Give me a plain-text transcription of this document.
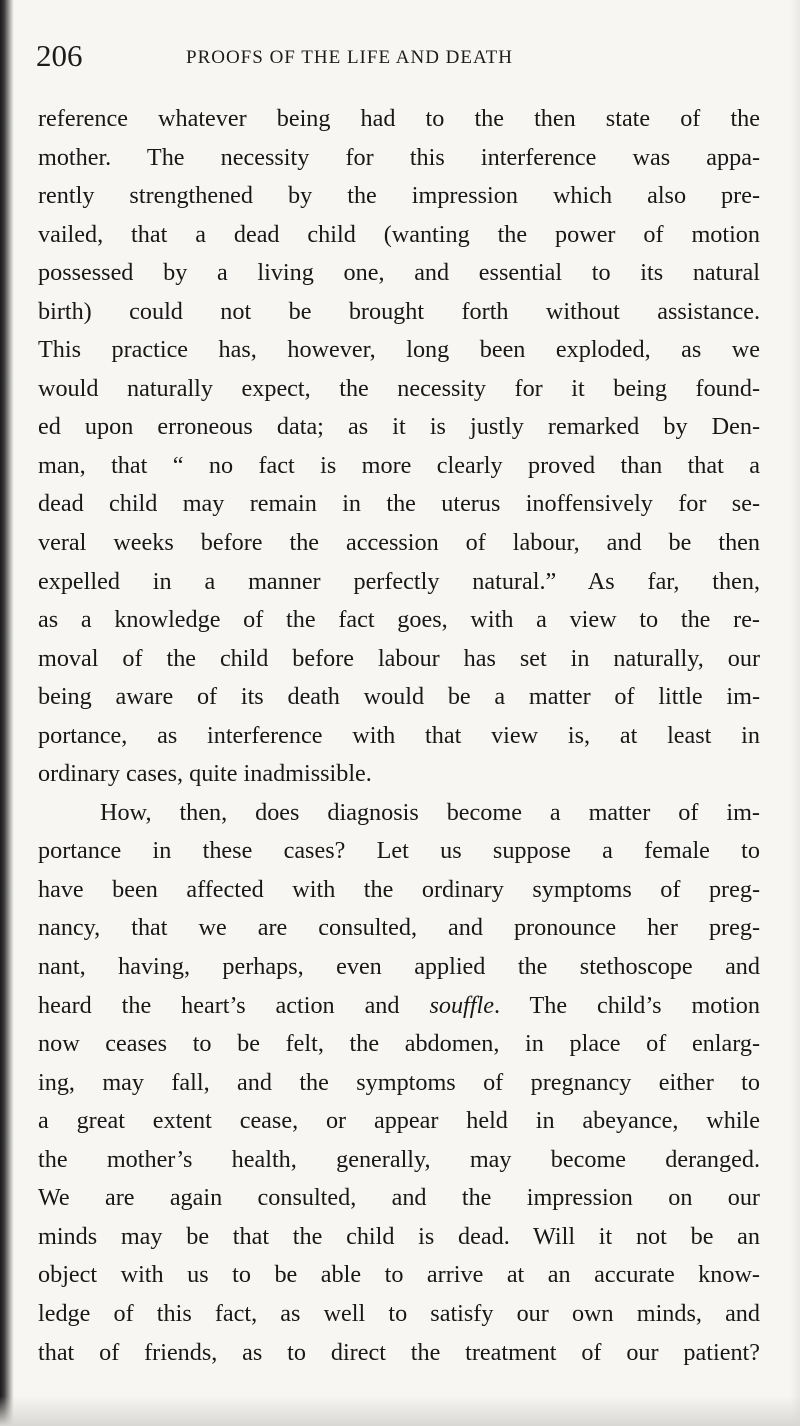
206	PROOFS OF THE LIFE AND DEATH
reference whatever being had to the then state of the
mother. The necessity for this interference was appa-
rently strengthened by the impression which also pre-
vailed, that a dead child (wanting the power of motion
possessed by a living one, and essential to its natural
birth) could not be brought forth without assistance.
This practice has, however, long been exploded, as we
would naturally expect, the necessity for it being found-
ed upon erroneous data; as it is justly remarked by Den-
man, that “ no fact is more clearly proved than that a
dead child may remain in the uterus inoffensively for se-
veral weeks before the accession of labour, and be then
expelled in a manner perfectly natural.” As far, then,
as a knowledge of the fact goes, with a view to the re-
moval of the child before labour has set in naturally, our
being aware of its death would be a matter of little im-
portance, as interference with that view is, at least in
ordinary cases, quite inadmissible.
How, then, does diagnosis become a matter of im-
portance in these cases? Let us suppose a female to
have been affected with the ordinary symptoms of preg-
nancy, that we are consulted, and pronounce her preg-
nant, having, perhaps, even applied the stethoscope and
heard the heart’s action and souffle. The child’s motion
now ceases to be felt, the abdomen, in place of enlarg-
ing, may fall, and the symptoms of pregnancy either to
a great extent cease, or appear held in abeyance, while
the mother’s health, generally, may become deranged.
We are again consulted, and the impression on our
minds may be that the child is dead. Will it not be an
object with us to be able to arrive at an accurate know-
ledge of this fact, as well to satisfy our own minds, and
that of friends, as to direct the treatment of our patient?
